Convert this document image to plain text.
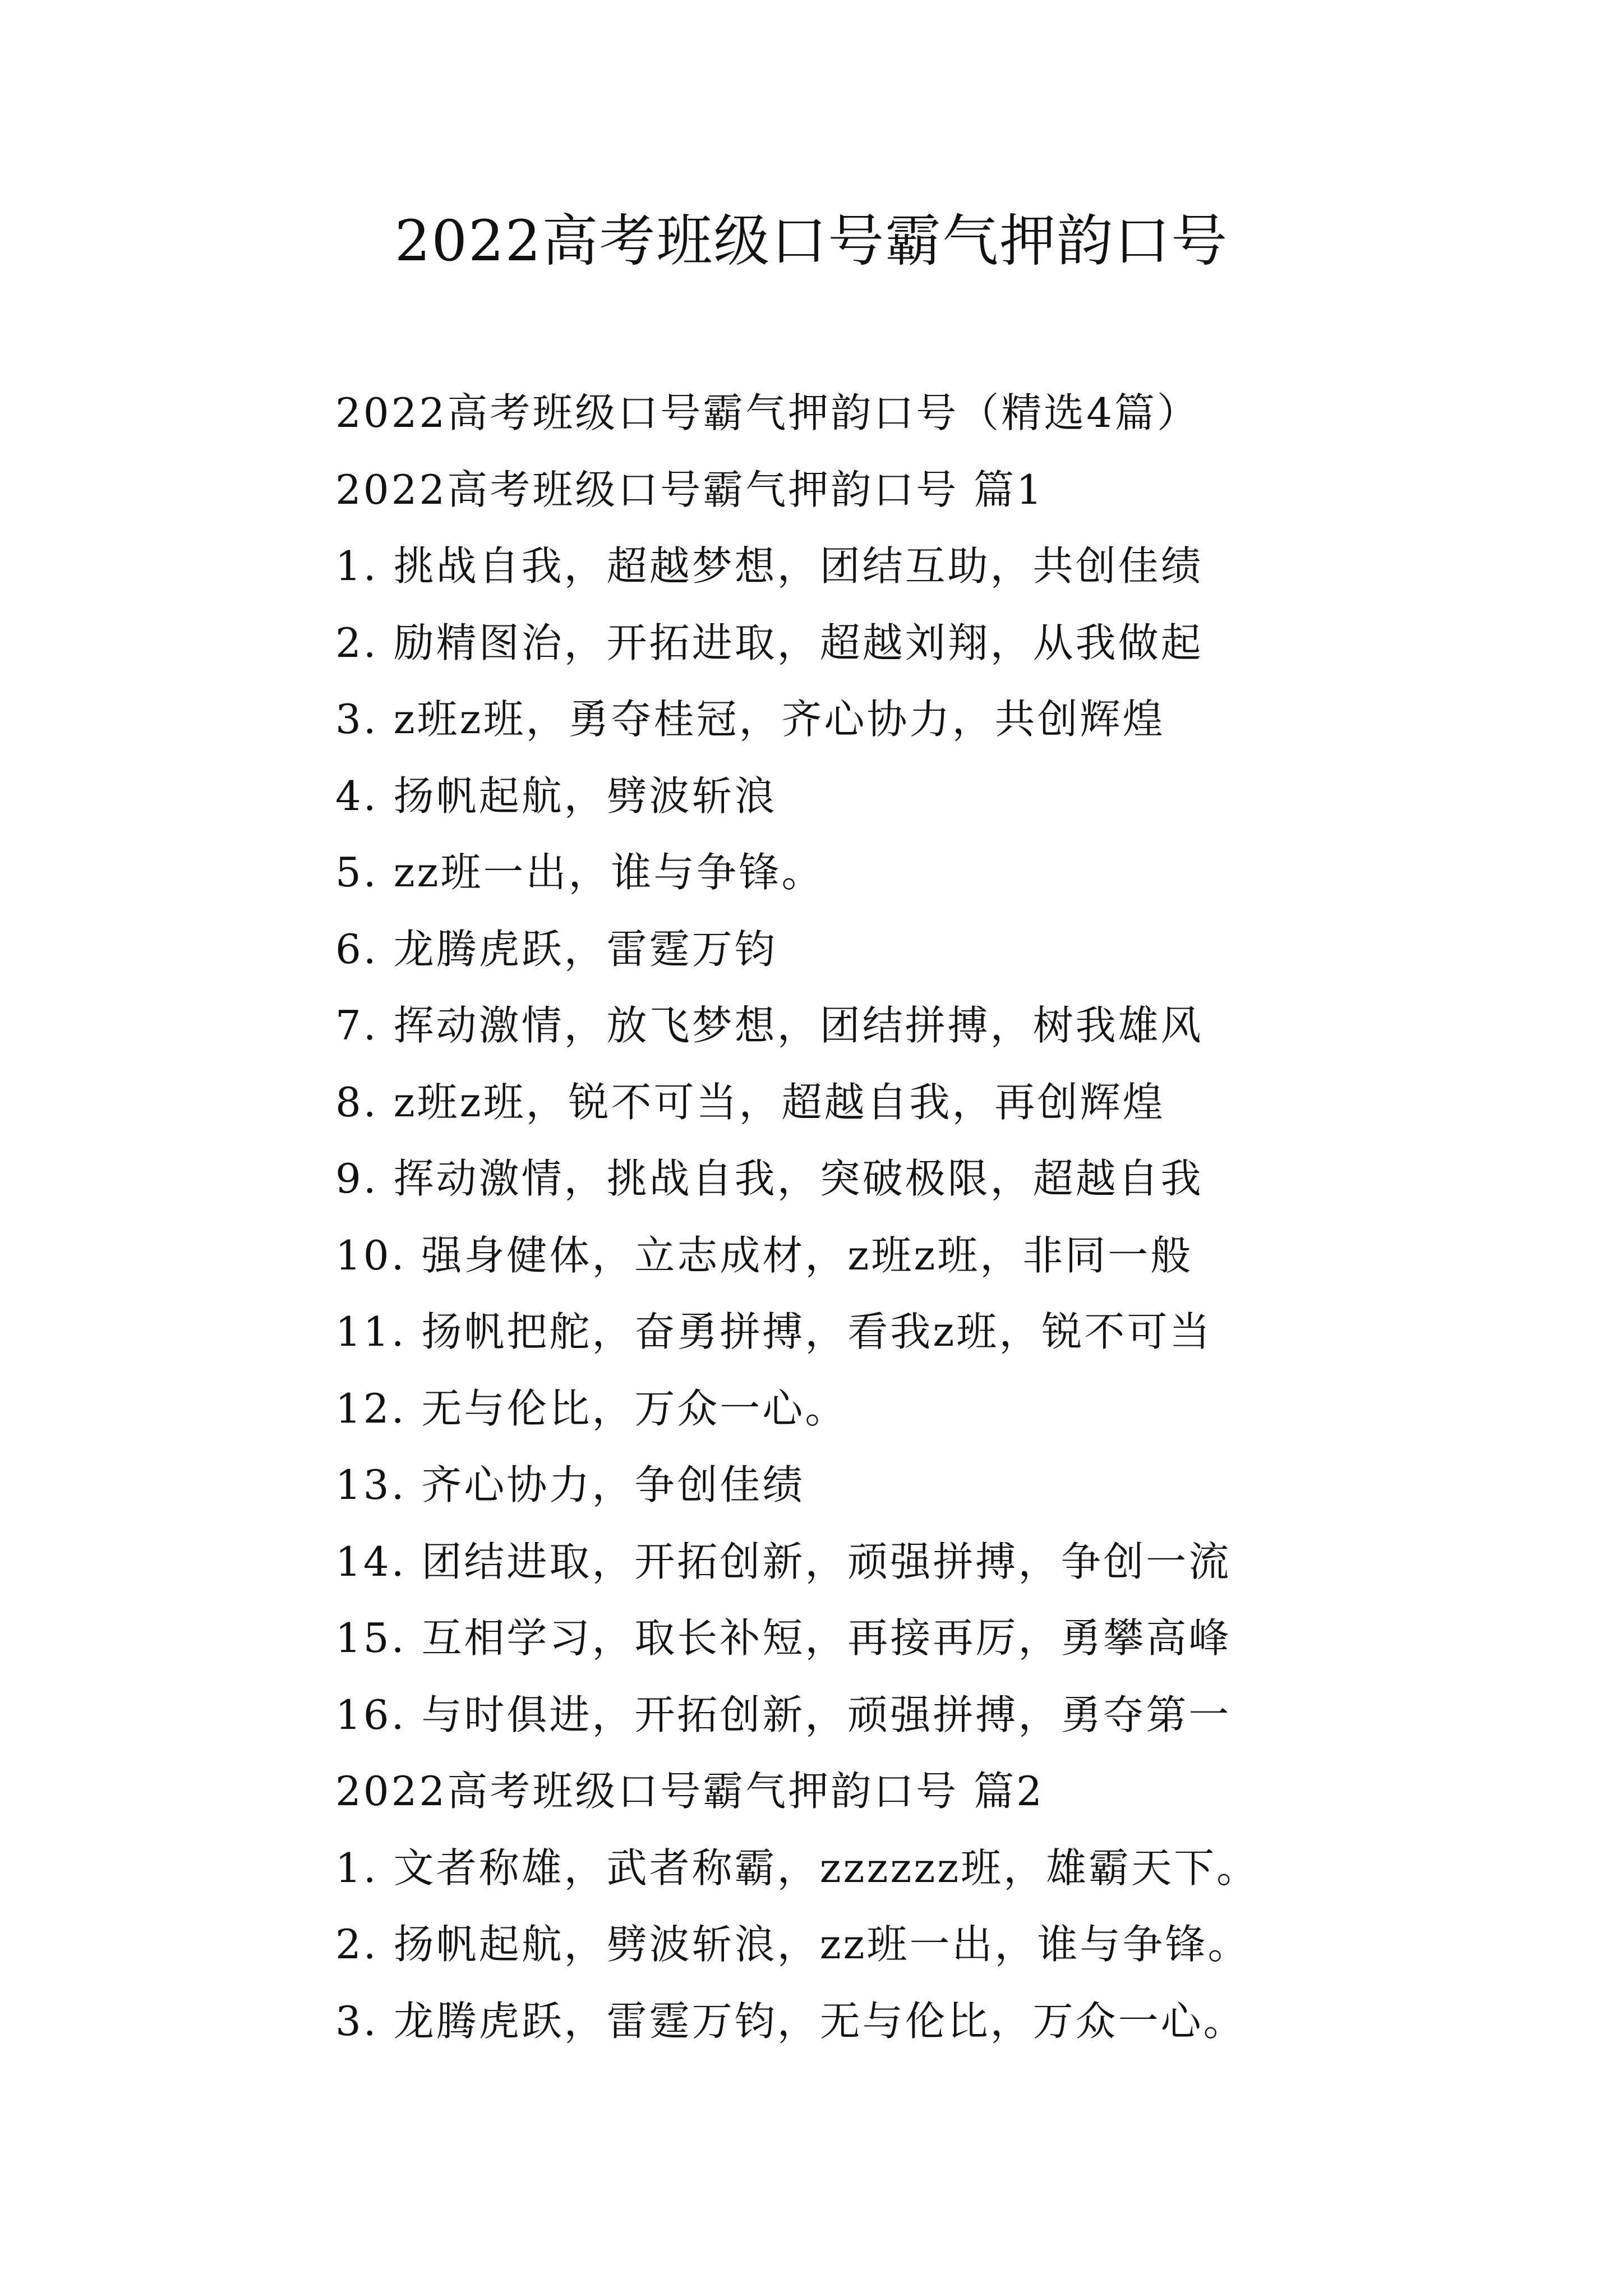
2022高考班级口号霸气押韵口号
2022高考班级口号霸气押韵口号（精选4篇）
2022高考班级口号霸气押韵口号 篇1
1. 挑战自我，超越梦想，团结互助，共创佳绩
2. 励精图治，开拓进取，超越刘翔，从我做起
3. z班z班，勇夺桂冠，齐心协力，共创辉煌
4. 扬帆起航，劈波斩浪
5. zz班一出，谁与争锋。
6. 龙腾虎跃，雷霆万钧
7. 挥动激情，放飞梦想，团结拼搏，树我雄风
8. z班z班，锐不可当，超越自我，再创辉煌
9. 挥动激情，挑战自我，突破极限，超越自我
10. 强身健体，立志成材，z班z班，非同一般
11. 扬帆把舵，奋勇拼搏，看我z班，锐不可当
12. 无与伦比，万众一心。
13. 齐心协力，争创佳绩
14. 团结进取，开拓创新，顽强拼搏，争创一流
15. 互相学习，取长补短，再接再厉，勇攀高峰
16. 与时俱进，开拓创新，顽强拼搏，勇夺第一
2022高考班级口号霸气押韵口号 篇2
1. 文者称雄，武者称霸，zzzzzz班，雄霸天下。
2. 扬帆起航，劈波斩浪，zz班一出，谁与争锋。
3. 龙腾虎跃，雷霆万钧，无与伦比，万众一心。
